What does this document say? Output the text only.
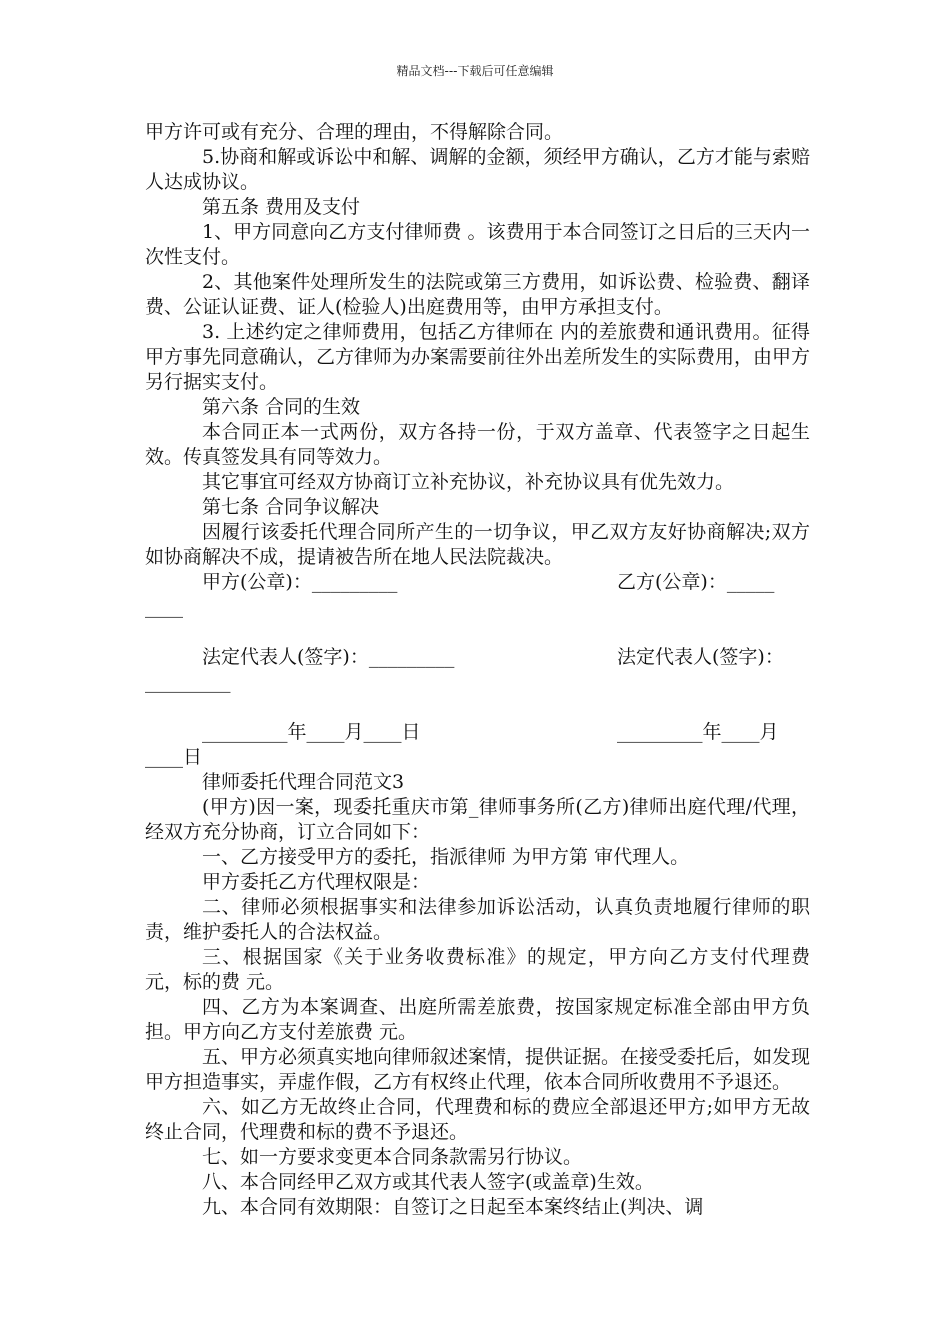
精品文档---下载后可任意编辑

甲方许可或有充分、合理的理由，不得解除合同。

5.协商和解或诉讼中和解、调解的金额，须经甲方确认，乙方才能与索赔人达成协议。

第五条 费用及支付

1、甲方同意向乙方支付律师费 。该费用于本合同签订之日后的三天内一次性支付。

2、其他案件处理所发生的法院或第三方费用，如诉讼费、检验费、翻译费、公证认证费、证人(检验人)出庭费用等，由甲方承担支付。

3. 上述约定之律师费用，包括乙方律师在 内的差旅费和通讯费用。征得甲方事先同意确认，乙方律师为办案需要前往外出差所发生的实际费用，由甲方另行据实支付。

第六条 合同的生效

本合同正本一式两份，双方各持一份，于双方盖章、代表签字之日起生效。传真签发具有同等效力。

其它事宜可经双方协商订立补充协议，补充协议具有优先效力。

第七条 合同争议解决

因履行该委托代理合同所产生的一切争议，甲乙双方友好协商解决;双方如协商解决不成，提请被告所在地人民法院裁决。

甲方(公章)：_________	乙方(公章)：_____
____
法定代表人(签字)：_________	法定代表人(签字)：
_________
_________年____月____日	_________年____月
____日

律师委托代理合同范文3

(甲方)因一案，现委托重庆市第_律师事务所(乙方)律师出庭代理/代理，经双方充分协商，订立合同如下：

一、乙方接受甲方的委托，指派律师 为甲方第 审代理人。

甲方委托乙方代理权限是：

二、律师必须根据事实和法律参加诉讼活动，认真负责地履行律师的职责，维护委托人的合法权益。

三、根据国家《关于业务收费标准》的规定，甲方向乙方支付代理费 元，标的费 元。

四、乙方为本案调查、出庭所需差旅费，按国家规定标准全部由甲方负担。甲方向乙方支付差旅费 元。

五、甲方必须真实地向律师叙述案情，提供证据。在接受委托后，如发现甲方担造事实，弄虚作假，乙方有权终止代理，依本合同所收费用不予退还。

六、如乙方无故终止合同，代理费和标的费应全部退还甲方;如甲方无故终止合同，代理费和标的费不予退还。

七、如一方要求变更本合同条款需另行协议。

八、本合同经甲乙双方或其代表人签字(或盖章)生效。

九、本合同有效期限：自签订之日起至本案终结止(判决、调
